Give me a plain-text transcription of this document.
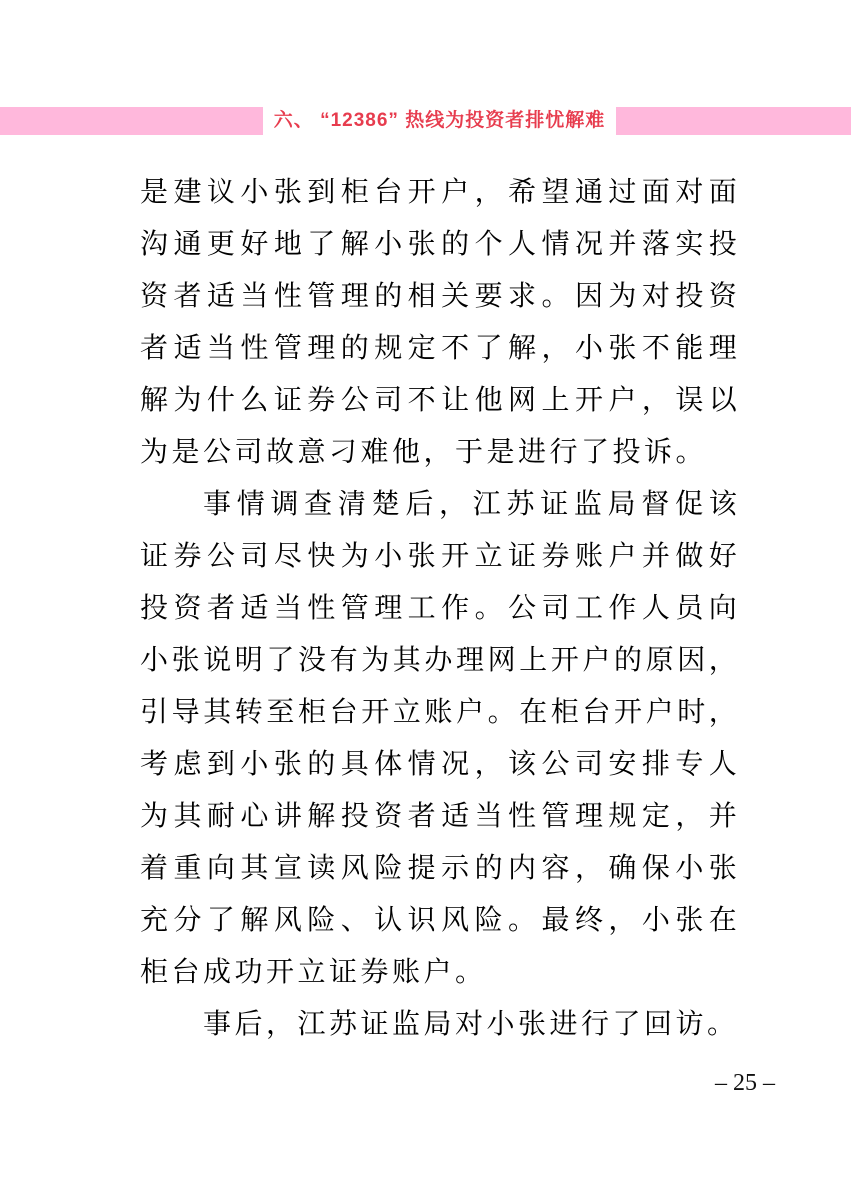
六、 “12386” 热线为投资者排忧解难
是建议小张到柜台开户，希望通过面对面
沟通更好地了解小张的个人情况并落实投
资者适当性管理的相关要求。因为对投资
者适当性管理的规定不了解，小张不能理
解为什么证券公司不让他网上开户，误以
为是公司故意刁难他，于是进行了投诉。
事情调查清楚后，江苏证监局督促该
证券公司尽快为小张开立证券账户并做好
投资者适当性管理工作。公司工作人员向
小张说明了没有为其办理网上开户的原因，
引导其转至柜台开立账户。在柜台开户时，
考虑到小张的具体情况，该公司安排专人
为其耐心讲解投资者适当性管理规定，并
着重向其宣读风险提示的内容，确保小张
充分了解风险、认识风险。最终，小张在
柜台成功开立证券账户。
事后，江苏证监局对小张进行了回访。
– 25 –
